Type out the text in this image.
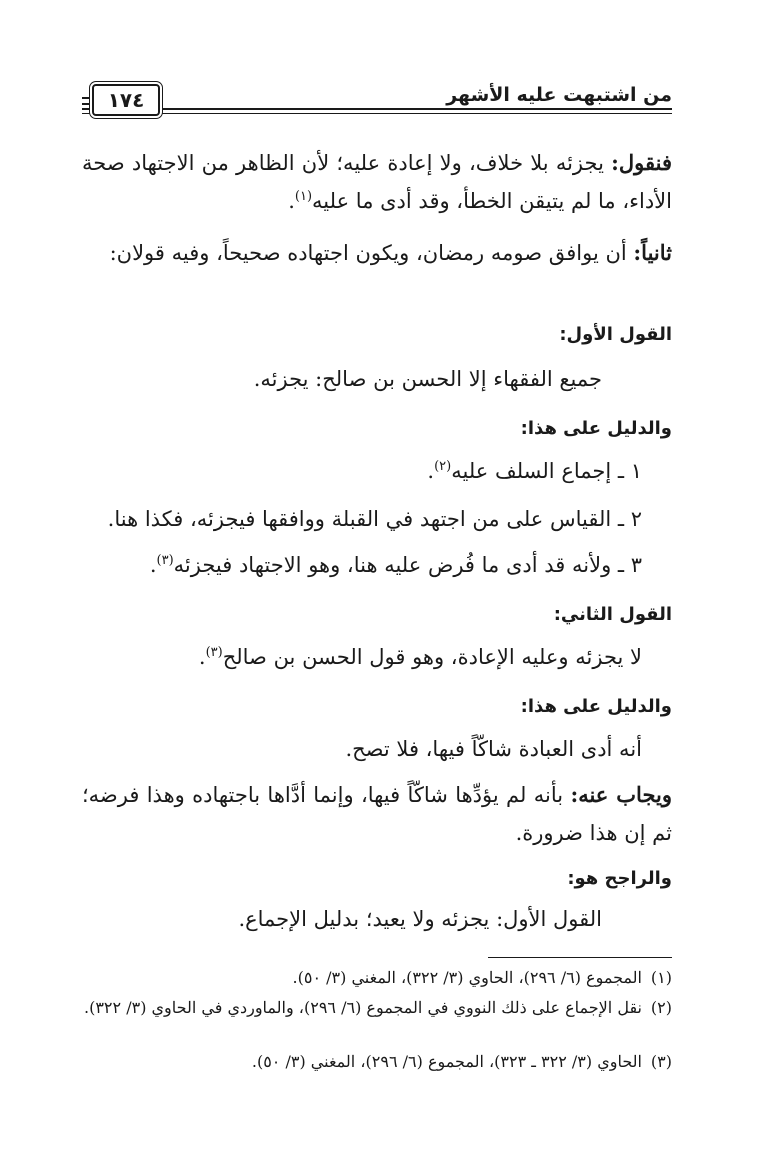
من اشتبهت عليه الأشهر
١٧٤
فنقول: يجزئه بلا خلاف، ولا إعادة عليه؛ لأن الظاهر من الاجتهاد صحة الأداء، ما لم يتيقن الخطأ، وقد أدى ما عليه$^{(١)}$.
ثانياً: أن يوافق صومه رمضان، ويكون اجتهاده صحيحاً، وفيه قولان:
القول الأول:
جميع الفقهاء إلا الحسن بن صالح: يجزئه.
والدليل على هذا:
١ ـ إجماع السلف عليه$^{(٢)}$.
٢ ـ القياس على من اجتهد في القبلة ووافقها فيجزئه، فكذا هنا.
٣ ـ ولأنه قد أدى ما فُرض عليه هنا، وهو الاجتهاد فيجزئه$^{(٣)}$.
القول الثاني:
لا يجزئه وعليه الإعادة، وهو قول الحسن بن صالح$^{(٣)}$.
والدليل على هذا:
أنه أدى العبادة شاكّاً فيها، فلا تصح.
ويجاب عنه: بأنه لم يؤدِّها شاكّاً فيها، وإنما أدَّاها باجتهاده وهذا فرضه؛ ثم إن هذا ضرورة.
والراجح هو:
القول الأول: يجزئه ولا يعيد؛ بدليل الإجماع.
(١)المجموع (٦/ ٢٩٦)، الحاوي (٣/ ٣٢٢)، المغني (٣/ ٥٠).
(٢)نقل الإجماع على ذلك النووي في المجموع (٦/ ٢٩٦)، والماوردي في الحاوي (٣/ ٣٢٢).
(٣)الحاوي (٣/ ٣٢٢ ـ ٣٢٣)، المجموع (٦/ ٢٩٦)، المغني (٣/ ٥٠).
